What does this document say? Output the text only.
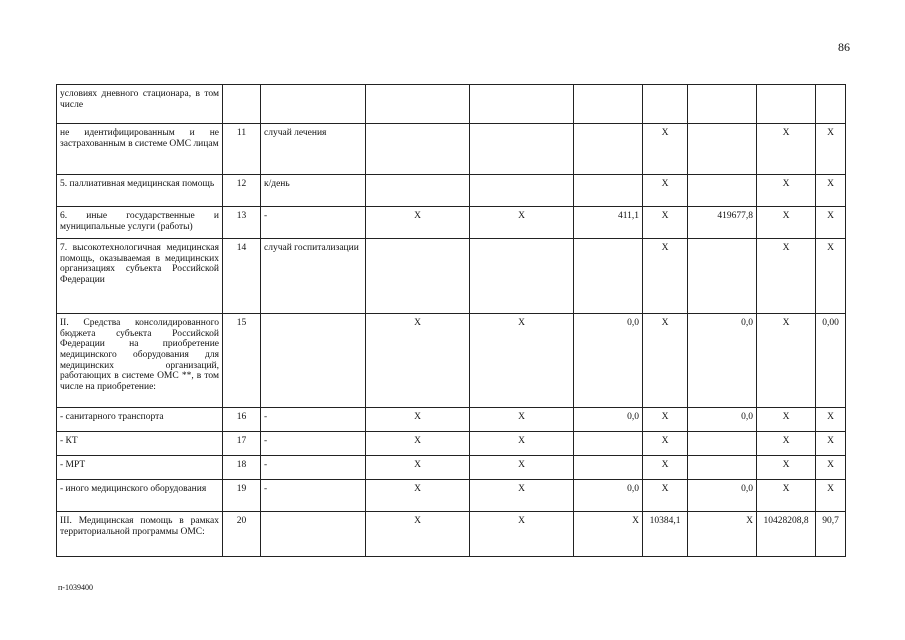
86
условиях дневного стационара, в том числе									
не идентифицированным и не застрахованным в системе ОМС лицам	11	случай лечения				X		X	X
5. паллиативная медицинская помощь	12	к/день				X		X	X
6. иные государственные и муниципальные услуги (работы)	13	-	X	X	411,1	X	419677,8	X	X
7. высокотехнологичная медицинская помощь, оказываемая в медицинских организациях субъекта Российской Федерации	14	случай госпитализации				X		X	X
II. Средства консолидированного бюджета субъекта Российской Федерации на приобретение медицинского оборудования для медицинских организаций, работающих в системе ОМС **, в том числе на приобретение:	15		X	X	0,0	X	0,0	X	0,00
- санитарного транспорта	16	-	X	X	0,0	X	0,0	X	X
- КТ	17	-	X	X		X		X	X
- МРТ	18	-	X	X		X		X	X
- иного медицинского оборудования	19	-	X	X	0,0	X	0,0	X	X
III. Медицинская помощь в рамках территориальной программы ОМС:	20		X	X	X	10384,1	X	10428208,8	90,7
п-1039400
